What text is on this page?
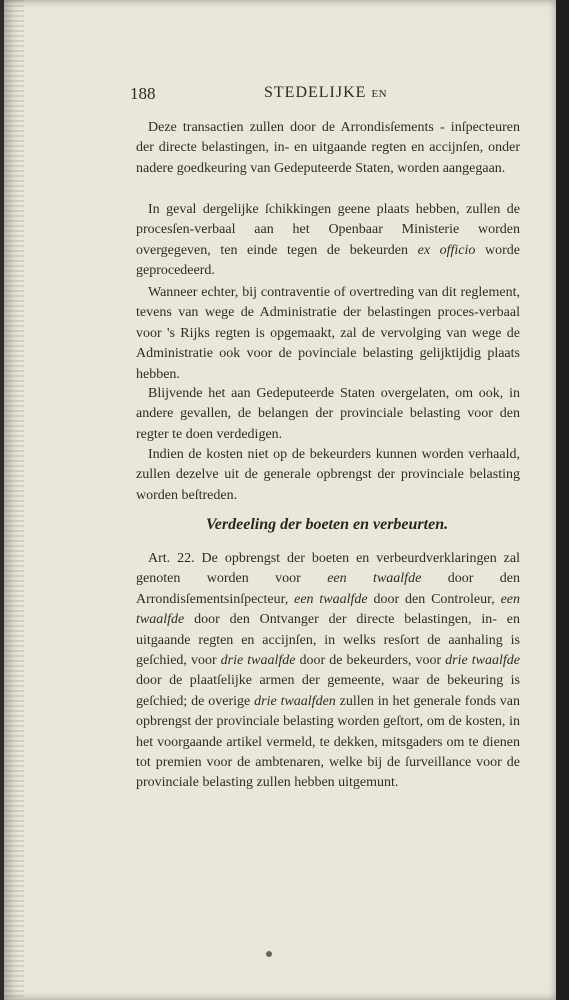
188	STEDELIJKE EN

Deze transactien zullen door de Arrondisſements - inſpecteuren der directe belastingen, in- en uitgaande regten en accijnſen, onder nadere goedkeuring van Gedeputeerde Staten, worden aangegaan.

In geval dergelijke ſchikkingen geene plaats hebben, zullen de procesſen-verbaal aan het Openbaar Ministerie worden overgegeven, ten einde tegen de bekeurden ex officio worde geprocedeerd.

Wanneer echter, bij contraventie of overtreding van dit reglement, tevens van wege de Administratie der belastingen proces-verbaal voor 's Rijks regten is opgemaakt, zal de vervolging van wege de Administratie ook voor de povinciale belasting gelijktijdig plaats hebben.

Blijvende het aan Gedeputeerde Staten overgelaten, om ook, in andere gevallen, de belangen der provinciale belasting voor den regter te doen verdedigen.

Indien de kosten niet op de bekeurders kunnen worden verhaald, zullen dezelve uit de generale opbrengst der provinciale belasting worden beſtreden.

Verdeeling der boeten en verbeurten.

Art. 22. De opbrengst der boeten en verbeurdverklaringen zal genoten worden voor een twaalfde door den Arrondisſementsinſpecteur, een twaalfde door den Controleur, een twaalfde door den Ontvanger der directe belastingen, in- en uitgaande regten en accijnſen, in welks resſort de aanhaling is geſchied, voor drie twaalfde door de bekeurders, voor drie twaalfde door de plaatſelijke armen der gemeente, waar de bekeuring is geſchied; de overige drie twaalfden zullen in het generale fonds van opbrengst der provinciale belasting worden geſtort, om de kosten, in het voorgaande artikel vermeld, te dekken, mitsgaders om te dienen tot premien voor de ambtenaren, welke bij de ſurveillance voor de provinciale belasting zullen hebben uitgemunt.
